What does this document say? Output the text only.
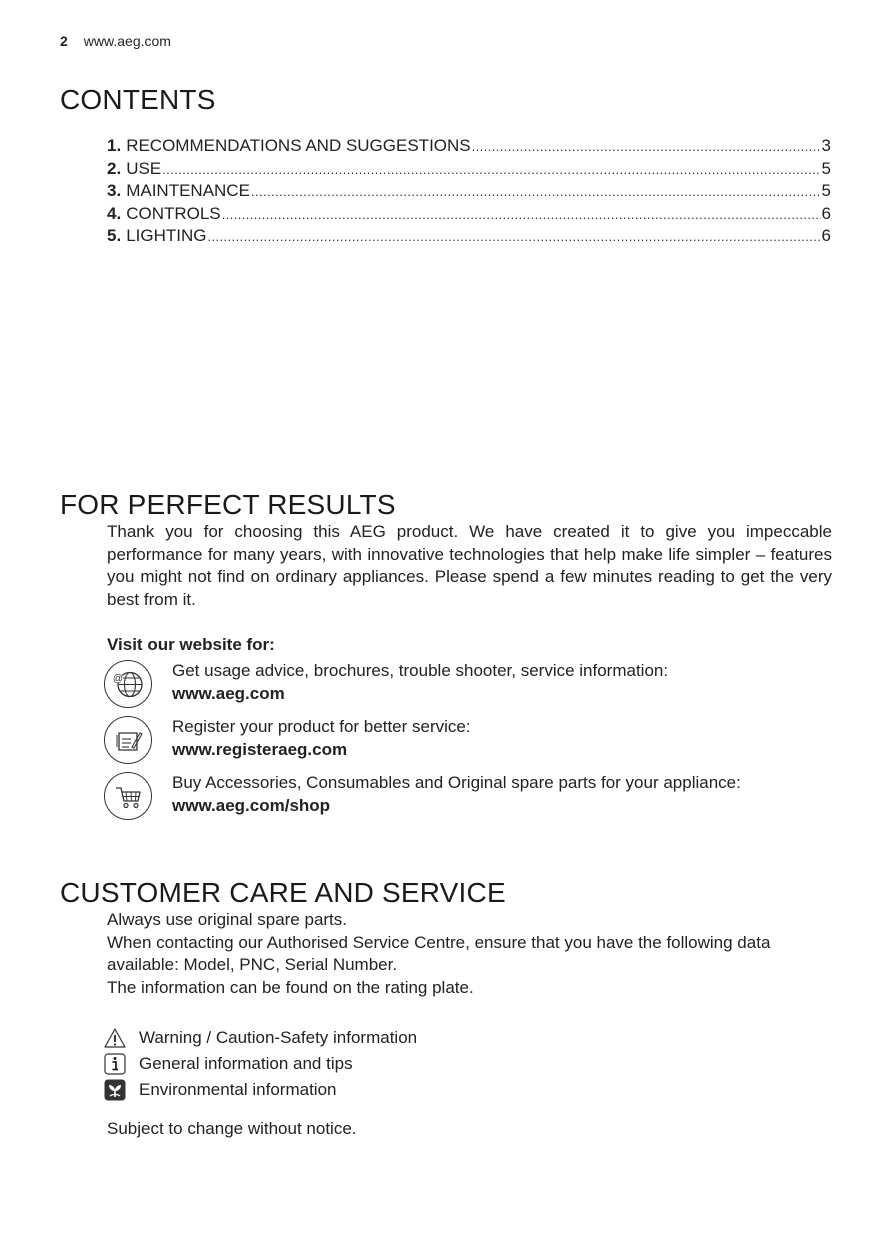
2 www.aeg.com
CONTENTS
1. RECOMMENDATIONS AND SUGGESTIONS .....	3
2. USE .....	5
3. MAINTENANCE .....	5
4. CONTROLS .....	6
5. LIGHTING .....	6
FOR PERFECT RESULTS
Thank you for choosing this AEG product. We have created it to give you impeccable performance for many years, with innovative technologies that help make life simpler – features you might not find on ordinary appliances. Please spend a few minutes reading to get the very best from it.
Visit our website for:
@	Get usage advice, brochures, trouble shooter, service information:
www.aeg.com
Register your product for better service:
www.registeraeg.com
Buy Accessories, Consumables and Original spare parts for your appliance:
www.aeg.com/shop
CUSTOMER CARE AND SERVICE
Always use original spare parts.
When contacting our Authorised Service Centre, ensure that you have the following data available: Model, PNC, Serial Number.
The information can be found on the rating plate.
Warning / Caution-Safety information
General information and tips
Environmental information
Subject to change without notice.
